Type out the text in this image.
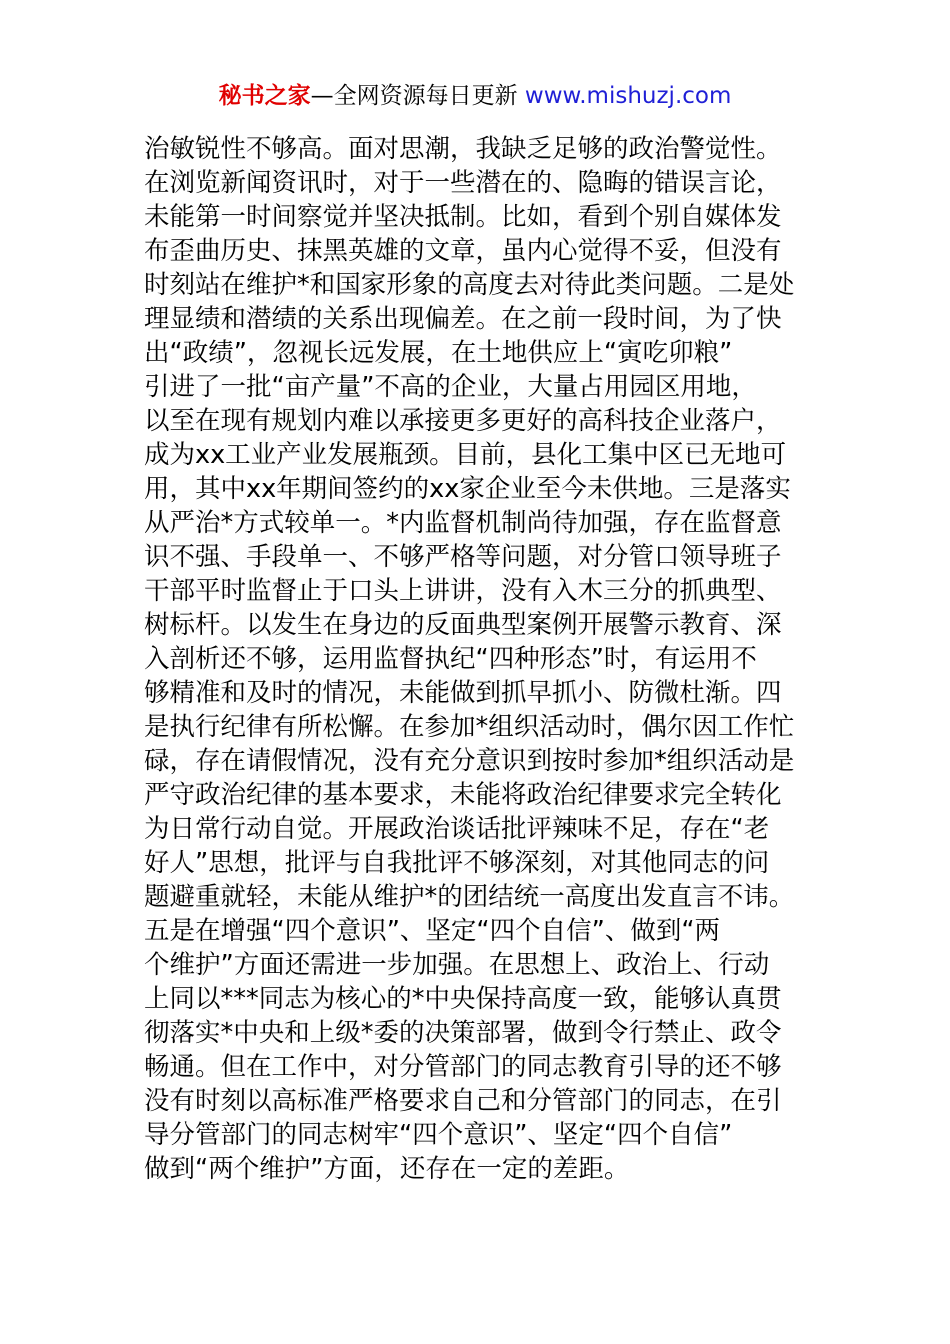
秘书之家—全网资源每日更新 www.mishuzj.com
治敏锐性不够高。面对思潮，我缺乏足够的政治警觉性。
在浏览新闻资讯时，对于一些潜在的、隐晦的错误言论，
未能第一时间察觉并坚决抵制。比如，看到个别自媒体发
布歪曲历史、抹黑英雄的文章，虽内心觉得不妥，但没有
时刻站在维护*和国家形象的高度去对待此类问题。二是处
理显绩和潜绩的关系出现偏差。在之前一段时间，为了快
出“政绩”，忽视长远发展，在土地供应上“寅吃卯粮”
引进了一批“亩产量”不高的企业，大量占用园区用地，
以至在现有规划内难以承接更多更好的高科技企业落户，
成为xx工业产业发展瓶颈。目前，县化工集中区已无地可
用，其中xx年期间签约的xx家企业至今未供地。三是落实
从严治*方式较单一。*内监督机制尚待加强，存在监督意
识不强、手段单一、不够严格等问题，对分管口领导班子
干部平时监督止于口头上讲讲，没有入木三分的抓典型、
树标杆。以发生在身边的反面典型案例开展警示教育、深
入剖析还不够，运用监督执纪“四种形态”时，有运用不
够精准和及时的情况，未能做到抓早抓小、防微杜渐。四
是执行纪律有所松懈。在参加*组织活动时，偶尔因工作忙
碌，存在请假情况，没有充分意识到按时参加*组织活动是
严守政治纪律的基本要求，未能将政治纪律要求完全转化
为日常行动自觉。开展政治谈话批评辣味不足，存在“老
好人”思想，批评与自我批评不够深刻，对其他同志的问
题避重就轻，未能从维护*的团结统一高度出发直言不讳。
五是在增强“四个意识”、坚定“四个自信”、做到“两
个维护”方面还需进一步加强。在思想上、政治上、行动
上同以***同志为核心的*中央保持高度一致，能够认真贯
彻落实*中央和上级*委的决策部署，做到令行禁止、政令
畅通。但在工作中，对分管部门的同志教育引导的还不够
没有时刻以高标准严格要求自己和分管部门的同志，在引
导分管部门的同志树牢“四个意识”、坚定“四个自信”
做到“两个维护”方面，还存在一定的差距。
